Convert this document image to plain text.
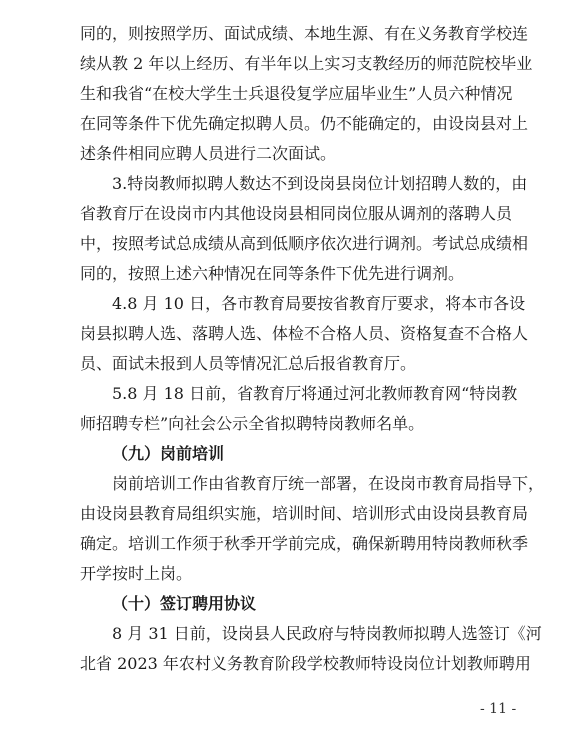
同的，则按照学历、面试成绩、本地生源、有在义务教育学校连
续从教 2 年以上经历、有半年以上实习支教经历的师范院校毕业
生和我省“在校大学生士兵退役复学应届毕业生”人员六种情况
在同等条件下优先确定拟聘人员。仍不能确定的，由设岗县对上
述条件相同应聘人员进行二次面试。
3.特岗教师拟聘人数达不到设岗县岗位计划招聘人数的，由
省教育厅在设岗市内其他设岗县相同岗位服从调剂的落聘人员
中，按照考试总成绩从高到低顺序依次进行调剂。考试总成绩相
同的，按照上述六种情况在同等条件下优先进行调剂。
4.8 月 10 日，各市教育局要按省教育厅要求，将本市各设
岗县拟聘人选、落聘人选、体检不合格人员、资格复查不合格人
员、面试未报到人员等情况汇总后报省教育厅。
5.8 月 18 日前，省教育厅将通过河北教师教育网“特岗教
师招聘专栏”向社会公示全省拟聘特岗教师名单。
（九）岗前培训
岗前培训工作由省教育厅统一部署，在设岗市教育局指导下，
由设岗县教育局组织实施，培训时间、培训形式由设岗县教育局
确定。培训工作须于秋季开学前完成，确保新聘用特岗教师秋季
开学按时上岗。
（十）签订聘用协议
8 月 31 日前，设岗县人民政府与特岗教师拟聘人选签订《河
北省 2023 年农村义务教育阶段学校教师特设岗位计划教师聘用
- 11 -
